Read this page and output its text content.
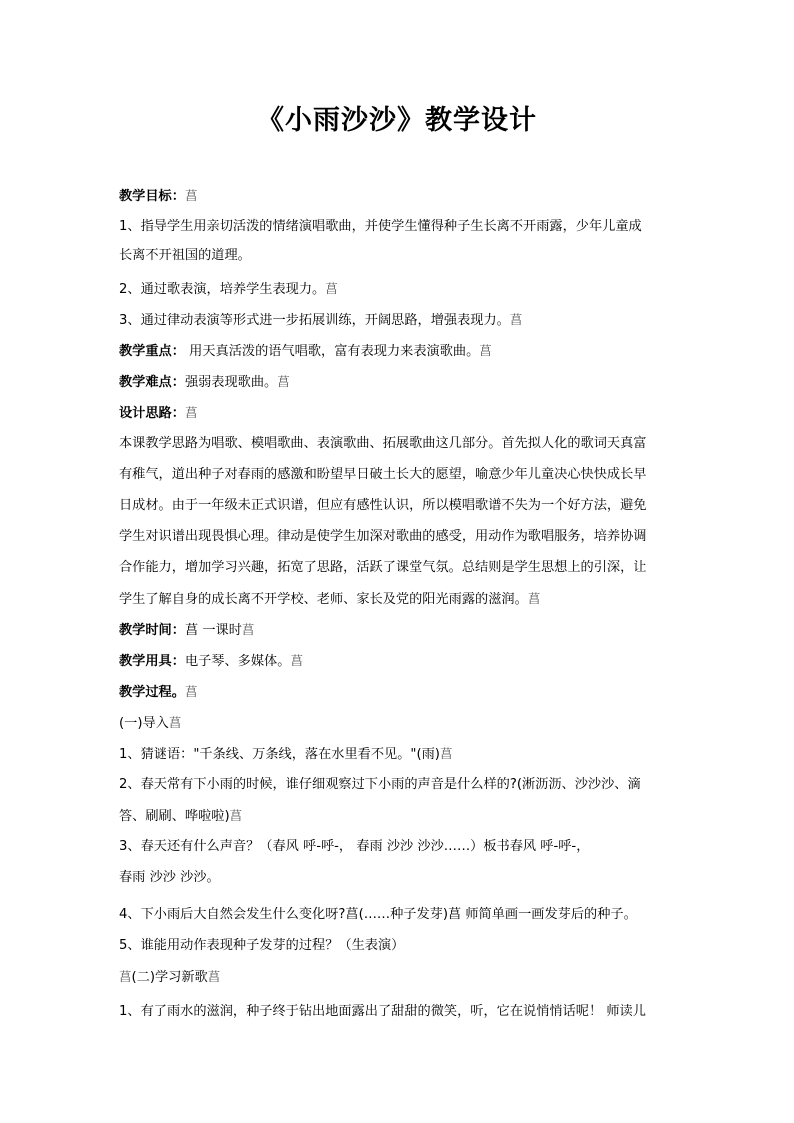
《小雨沙沙》教学设计
教学目标：菖
1、指导学生用亲切活泼的情绪演唱歌曲，并使学生懂得种子生长离不开雨露，少年儿童成
长离不开祖国的道理。
2、通过歌表演，培养学生表现力。菖
3、通过律动表演等形式进一步拓展训练，开阔思路，增强表现力。菖
教学重点： 用天真活泼的语气唱歌，富有表现力来表演歌曲。菖
教学难点：强弱表现歌曲。菖
设计思路：菖
本课教学思路为唱歌、模唱歌曲、表演歌曲、拓展歌曲这几部分。首先拟人化的歌词天真富
有稚气，道出种子对春雨的感激和盼望早日破土长大的愿望，喻意少年儿童决心快快成长早
日成材。由于一年级未正式识谱，但应有感性认识，所以模唱歌谱不失为一个好方法，避免
学生对识谱出现畏惧心理。律动是使学生加深对歌曲的感受，用动作为歌唱服务，培养协调
合作能力，增加学习兴趣，拓宽了思路，活跃了课堂气氛。总结则是学生思想上的引深，让
学生了解自身的成长离不开学校、老师、家长及党的阳光雨露的滋润。菖
教学时间：菖 一课时菖
教学用具：电子琴、多媒体。菖
教学过程。菖
(一)导入菖
1、猜谜语："千条线、万条线，落在水里看不见。"(雨)菖
2、春天常有下小雨的时候，谁仔细观察过下小雨的声音是什么样的?(淅沥沥、沙沙沙、滴
答、刷刷、哗啦啦)菖
3、春天还有什么声音？（春风 呼-呼-， 春雨 沙沙 沙沙……）板书春风 呼-呼-，
春雨 沙沙 沙沙。
4、下小雨后大自然会发生什么变化呀?菖(……种子发芽)菖 师简单画一画发芽后的种子。
5、谁能用动作表现种子发芽的过程？（生表演）
菖(二)学习新歌菖
1、有了雨水的滋润，种子终于钻出地面露出了甜甜的微笑，听，它在说悄悄话呢！ 师读儿
